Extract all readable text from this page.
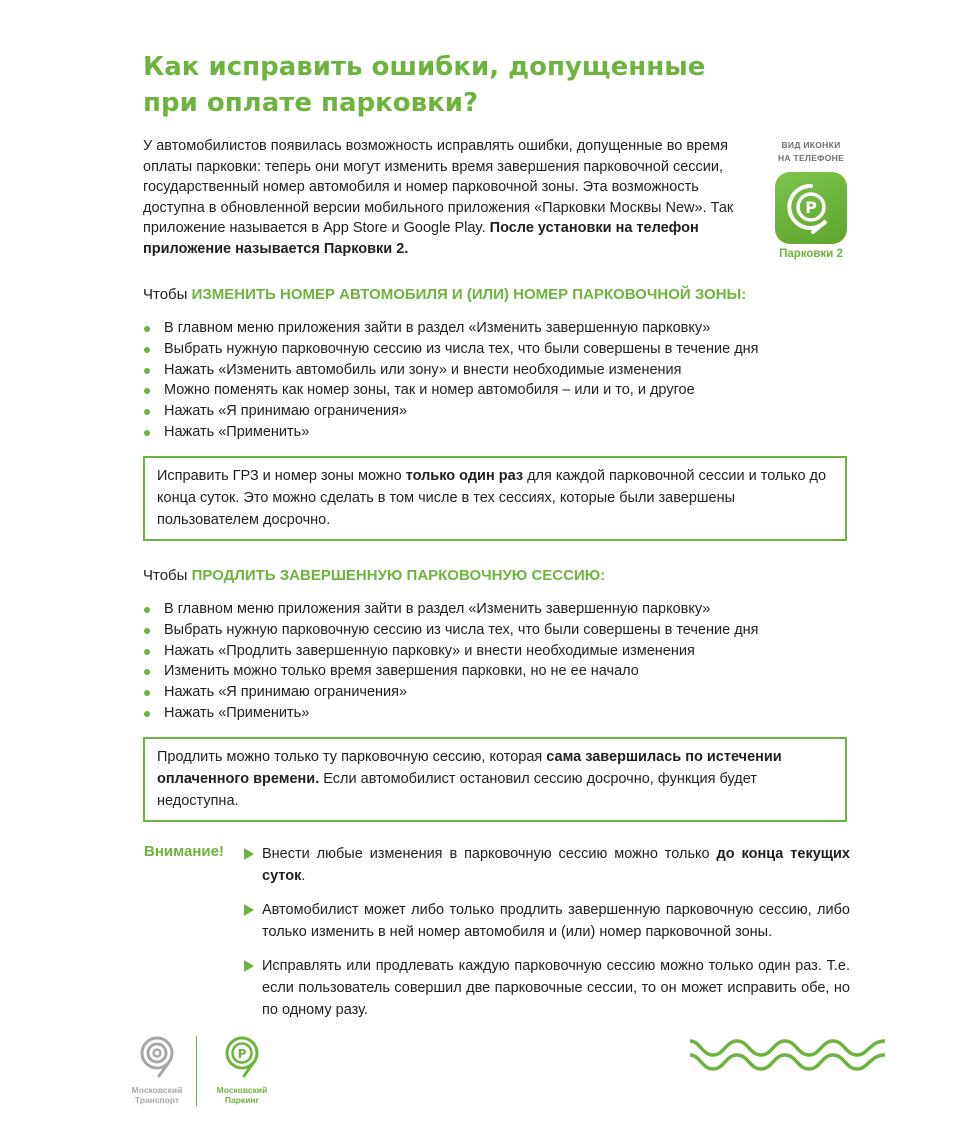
Как исправить ошибки, допущенные
при оплате парковки?

У автомобилистов появилась возможность исправлять ошибки, допущенные во время оплаты парковки: теперь они могут изменить время завершения парковочной сессии, государственный номер автомобиля и номер парковочной зоны. Эта возможность доступна в обновленной версии мобильного приложения «Парковки Москвы New». Так приложение называется в App Store и Google Play. После установки на телефон приложение называется Парковки 2.

ВИД ИКОНКИ
НА ТЕЛЕФОНЕ
P
Парковки 2

Чтобы ИЗМЕНИТЬ НОМЕР АВТОМОБИЛЯ И (ИЛИ) НОМЕР ПАРКОВОЧНОЙ ЗОНЫ:

В главном меню приложения зайти в раздел «Изменить завершенную парковку»
Выбрать нужную парковочную сессию из числа тех, что были совершены в течение дня
Нажать «Изменить автомобиль или зону» и внести необходимые изменения
Можно поменять как номер зоны, так и номер автомобиля – или и то, и другое
Нажать «Я принимаю ограничения»
Нажать «Применить»
Исправить ГРЗ и номер зоны можно только один раз для каждой парковочной сессии и только до конца суток. Это можно сделать в том числе в тех сессиях, которые были завершены пользователем досрочно.

Чтобы ПРОДЛИТЬ ЗАВЕРШЕННУЮ ПАРКОВОЧНУЮ СЕССИЮ:

В главном меню приложения зайти в раздел «Изменить завершенную парковку»
Выбрать нужную парковочную сессию из числа тех, что были совершены в течение дня
Нажать «Продлить завершенную парковку» и внести необходимые изменения
Изменить можно только время завершения парковки, но не ее начало
Нажать «Я принимаю ограничения»
Нажать «Применить»
Продлить можно только ту парковочную сессию, которая сама завершилась по истечении оплаченного времени. Если автомобилист остановил сессию досрочно, функция будет недоступна.
Внимание!	Внести любые изменения в парковочную сессию можно только до конца текущих суток.
Автомобилист может либо только продлить завершенную парковочную сессию, либо только изменить в ней номер автомобиля и (или) номер парковочной зоны.
Исправлять или продлевать каждую парковочную сессию можно только один раз. Т.е. если пользователь совершил две парковочные сессии, то он может исправить обе, но по одному разу.
Московский
Транспорт
P
Московский
Паркинг
